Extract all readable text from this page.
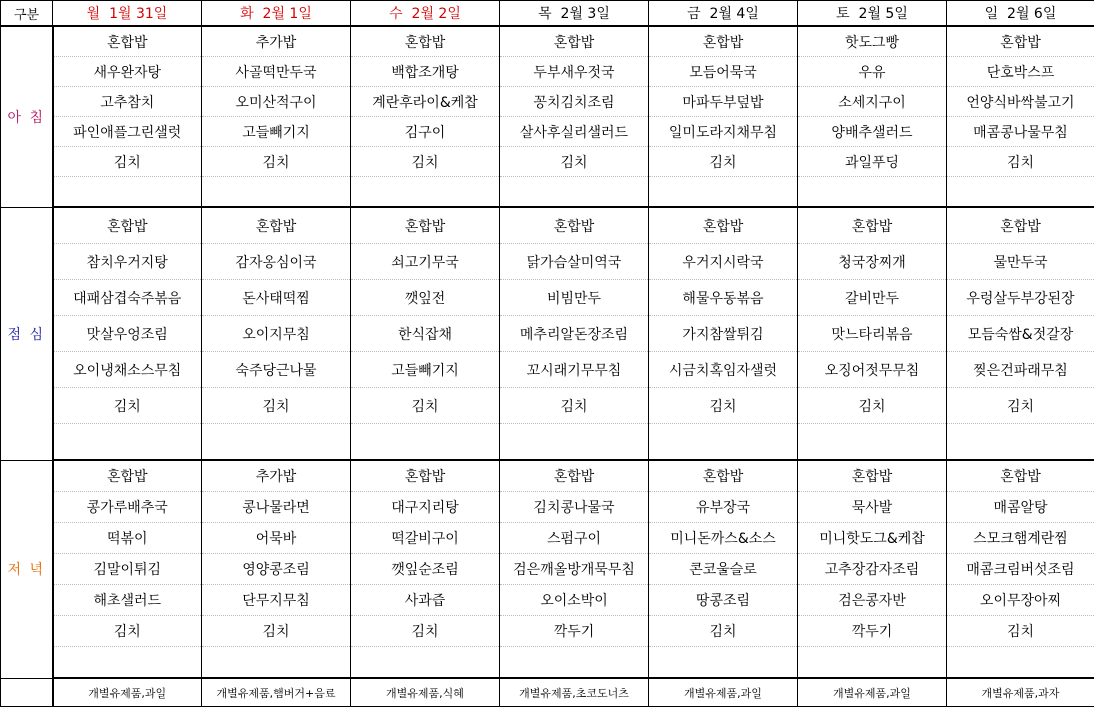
구분	월 1월 31일	화 2월 1일	수 2월 2일	목 2월 3일	금 2월 4일	토 2월 5일	일 2월 6일
아 침	혼합밥	추가밥	혼합밥	혼합밥	혼합밥	핫도그빵	혼합밥
	새우완자탕	사골떡만두국	백합조개탕	두부새우젓국	모듬어묵국	우유	단호박스프
	고추참치	오미산적구이	계란후라이&케찹	꽁치김치조림	마파두부덮밥	소세지구이	언양식바싹불고기
	파인애플그린샐럿	고들빼기지	김구이	살사후실리샐러드	일미도라지채무침	양배추샐러드	매콤콩나물무침
	김치	김치	김치	김치	김치	과일푸딩	김치

점 심	혼합밥	혼합밥	혼합밥	혼합밥	혼합밥	혼합밥	혼합밥
	참치우거지탕	감자옹심이국	쇠고기무국	닭가슴살미역국	우거지시락국	청국장찌개	물만두국
	대패삼겹숙주볶음	돈사태떡찜	깻잎전	비빔만두	해물우동볶음	갈비만두	우렁살두부강된장
	맛살우엉조림	오이지무침	한식잡채	메추리알돈장조림	가지참쌀튀김	맛느타리볶음	모듬숙쌈&젓갈장
	오이냉채소스무침	숙주당근나물	고들빼기지	꼬시래기무무침	시금치혹임자샐럿	오징어젓무무침	찢은건파래무침
	김치	김치	김치	김치	김치	김치	김치

저 녁	혼합밥	추가밥	혼합밥	혼합밥	혼합밥	혼합밥	혼합밥
	콩가루배추국	콩나물라면	대구지리탕	김치콩나물국	유부장국	묵사발	매콤알탕
	떡볶이	어묵바	떡갈비구이	스펌구이	미니돈까스&소스	미니핫도그&케찹	스모크햄계란찜
	김말이튀김	영양콩조림	깻잎순조림	검은깨올방개묵무침	콘코울슬로	고추장감자조림	매콤크림버섯조림
	해초샐러드	단무지무침	사과즙	오이소박이	땅콩조림	검은콩자반	오이무장아찌
	김치	김치	김치	깍두기	김치	깍두기	김치

	개별유제품,과일	개별유제품,햄버거+음료	개별유제품,식혜	개별유제품,초코도너츠	개별유제품,과일	개별유제품,과일	개별유제품,과자
